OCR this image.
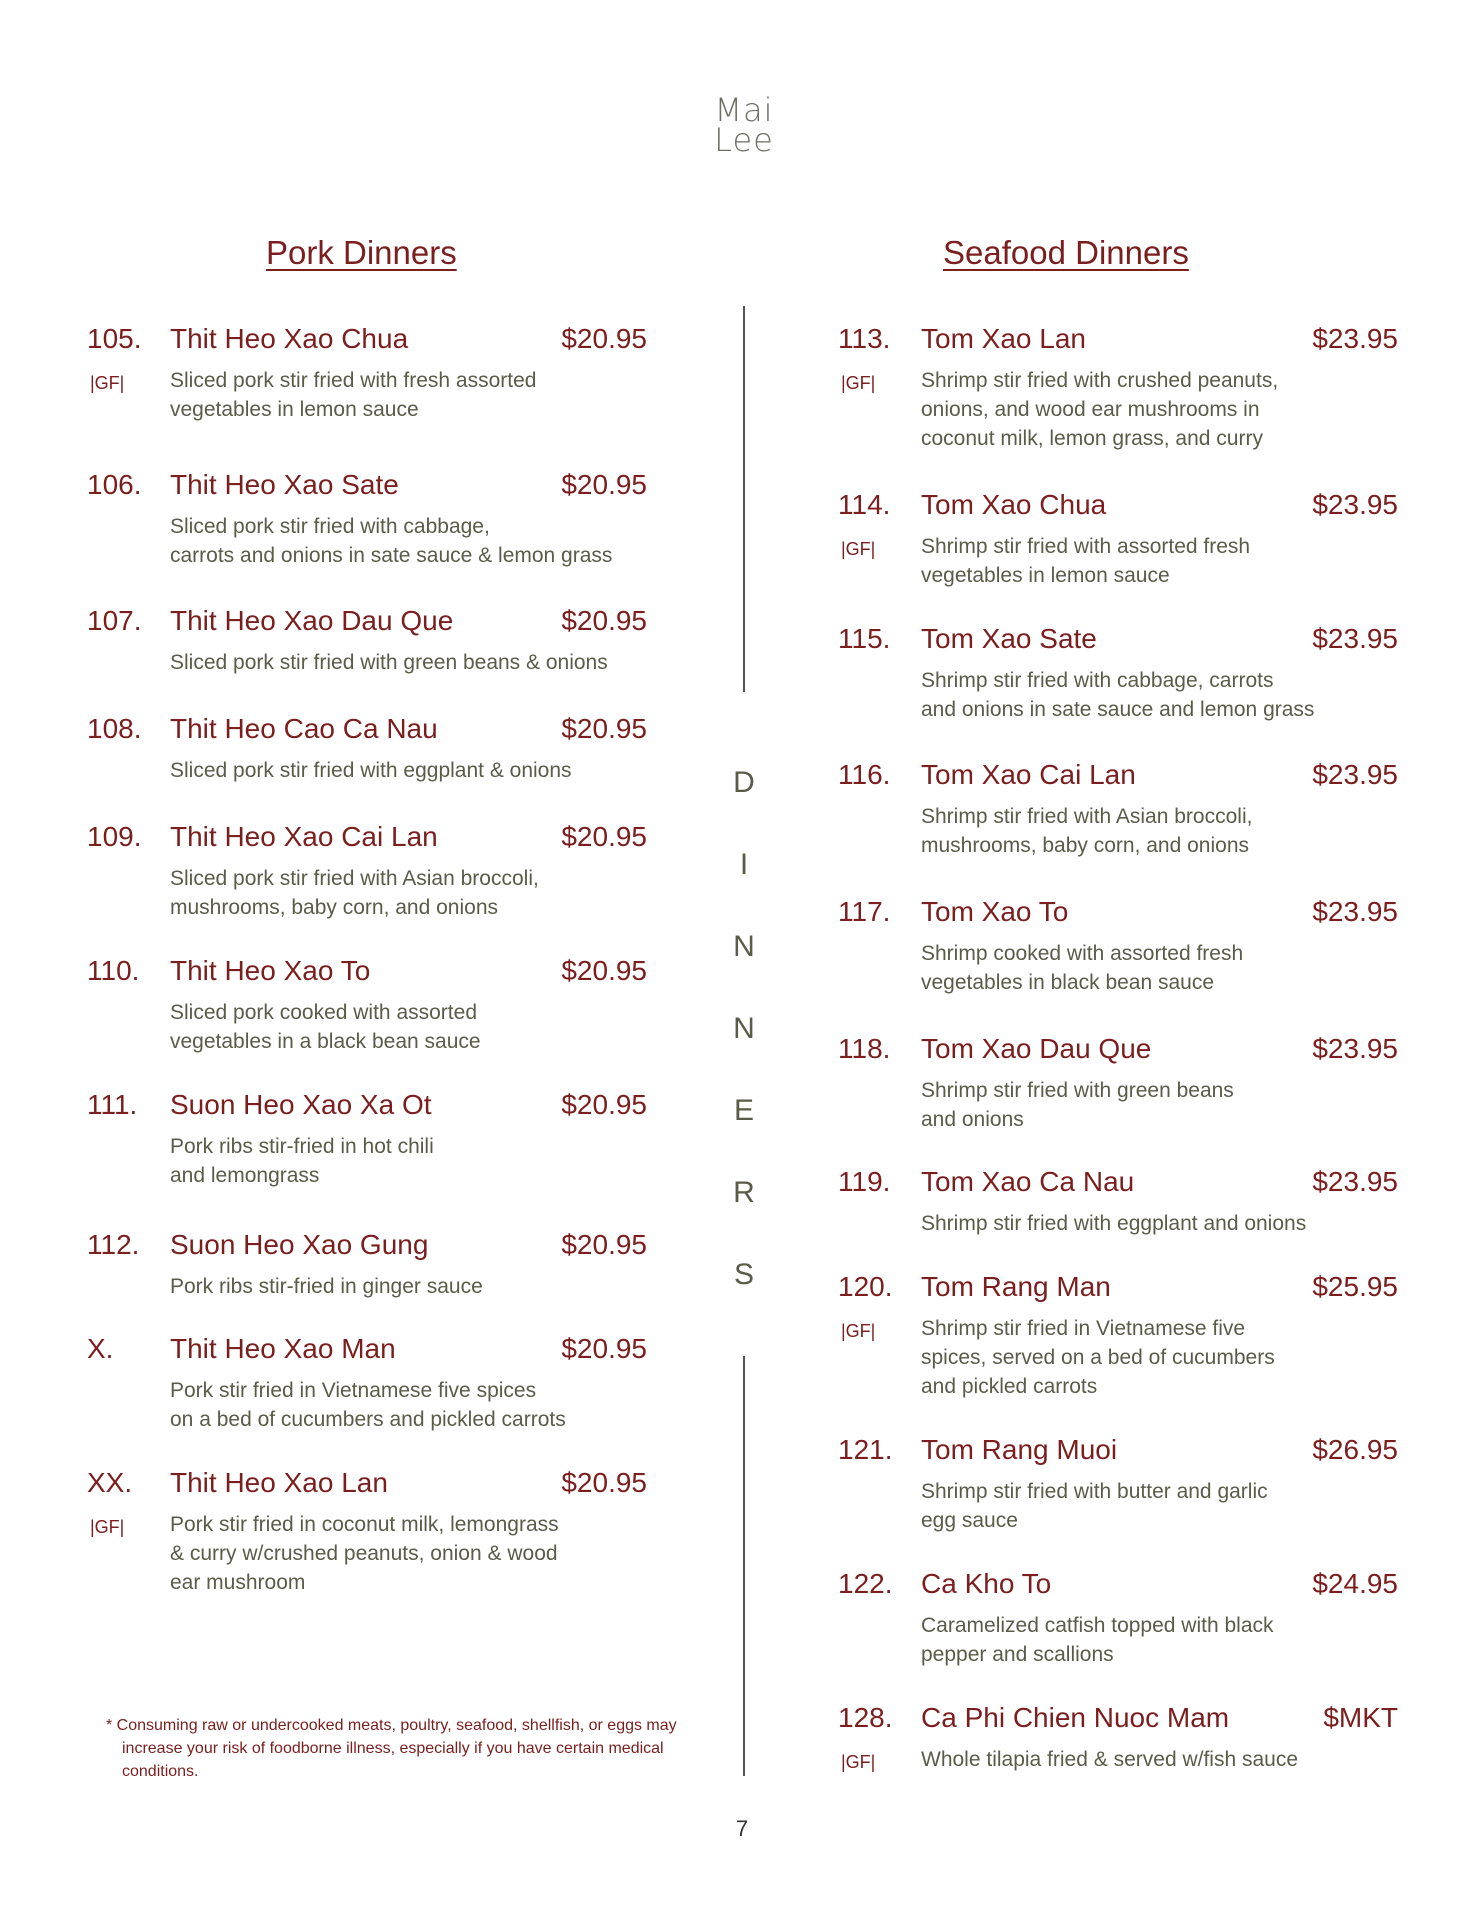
Mai
Lee
Pork Dinners	Seafood Dinners
105. Thit Heo Xao Chua	$20.95
|GF| Sliced pork stir fried with fresh assorted
vegetables in lemon sauce
106. Thit Heo Xao Sate	$20.95
Sliced pork stir fried with cabbage,
carrots and onions in sate sauce & lemon grass
107. Thit Heo Xao Dau Que	$20.95
Sliced pork stir fried with green beans & onions
108. Thit Heo Cao Ca Nau	$20.95
Sliced pork stir fried with eggplant & onions
109. Thit Heo Xao Cai Lan	$20.95
Sliced pork stir fried with Asian broccoli,
mushrooms, baby corn, and onions
110. Thit Heo Xao To	$20.95
Sliced pork cooked with assorted
vegetables in a black bean sauce
111. Suon Heo Xao Xa Ot	$20.95
Pork ribs stir-fried in hot chili
and lemongrass
112. Suon Heo Xao Gung	$20.95
Pork ribs stir-fried in ginger sauce
X. Thit Heo Xao Man	$20.95
Pork stir fried in Vietnamese five spices
on a bed of cucumbers and pickled carrots
XX. Thit Heo Xao Lan	$20.95
|GF| Pork stir fried in coconut milk, lemongrass
& curry w/crushed peanuts, onion & wood
ear mushroom
113. Tom Xao Lan	$23.95
|GF| Shrimp stir fried with crushed peanuts,
onions, and wood ear mushrooms in
coconut milk, lemon grass, and curry
114. Tom Xao Chua	$23.95
|GF| Shrimp stir fried with assorted fresh
vegetables in lemon sauce
115. Tom Xao Sate	$23.95
Shrimp stir fried with cabbage, carrots
and onions in sate sauce and lemon grass
116. Tom Xao Cai Lan	$23.95
Shrimp stir fried with Asian broccoli,
mushrooms, baby corn, and onions
117. Tom Xao To	$23.95
Shrimp cooked with assorted fresh
vegetables in black bean sauce
118. Tom Xao Dau Que	$23.95
Shrimp stir fried with green beans
and onions
119. Tom Xao Ca Nau	$23.95
Shrimp stir fried with eggplant and onions
120. Tom Rang Man	$25.95
|GF| Shrimp stir fried in Vietnamese five
spices, served on a bed of cucumbers
and pickled carrots
121. Tom Rang Muoi	$26.95
Shrimp stir fried with butter and garlic
egg sauce
122. Ca Kho To	$24.95
Caramelized catfish topped with black
pepper and scallions
128. Ca Phi Chien Nuoc Mam	$MKT
|GF| Whole tilapia fried & served w/fish sauce
D
I
N
N
E
R
S
* Consuming raw or undercooked meats, poultry, seafood, shellfish, or eggs may increase your risk of foodborne illness, especially if you have certain medical conditions.
7
